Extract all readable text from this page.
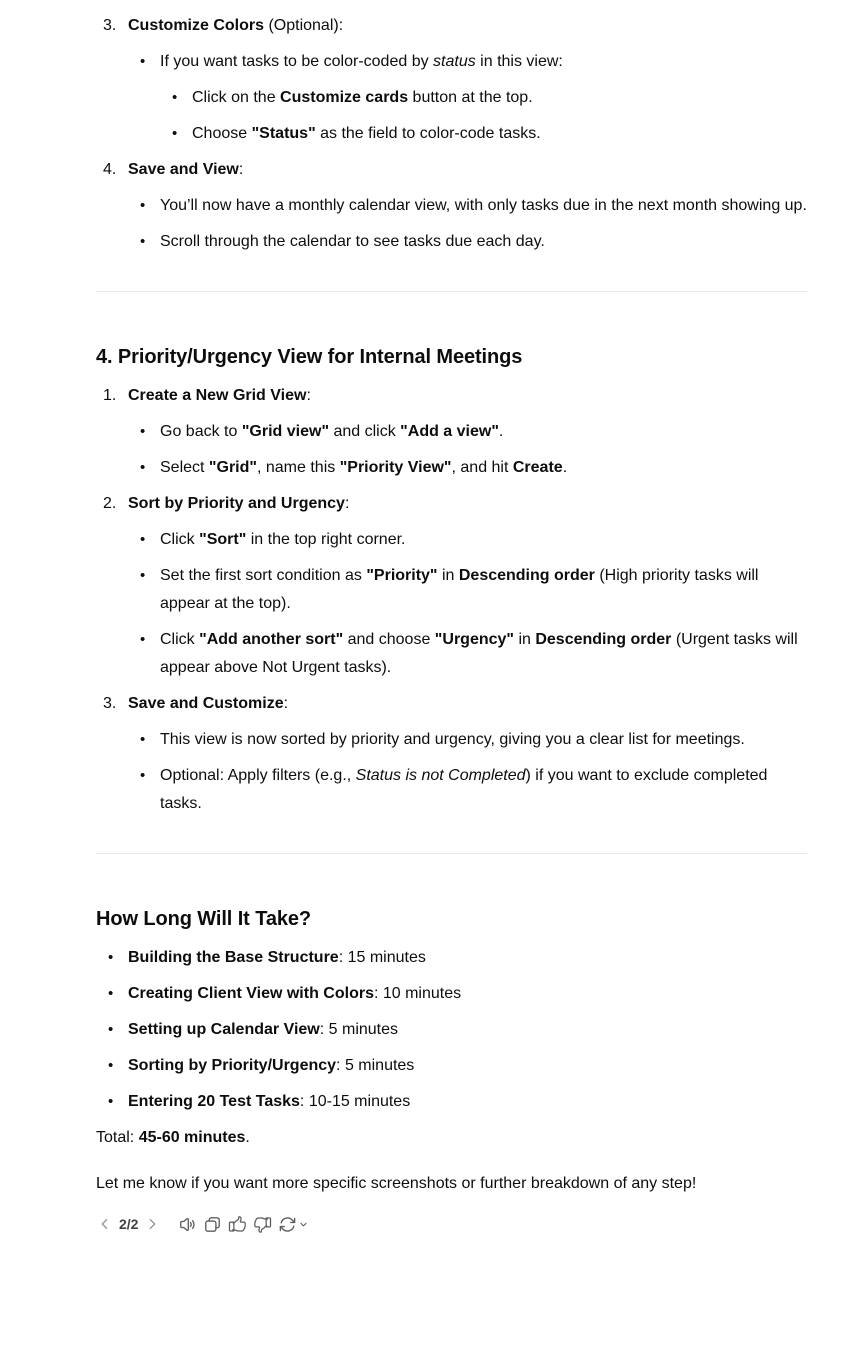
3. Customize Colors (Optional):
• If you want tasks to be color-coded by status in this view:
• Click on the Customize cards button at the top.
• Choose "Status" as the field to color-code tasks.
4. Save and View:
• You’ll now have a monthly calendar view, with only tasks due in the next month showing up.
• Scroll through the calendar to see tasks due each day.
4. Priority/Urgency View for Internal Meetings
1. Create a New Grid View:
• Go back to "Grid view" and click "Add a view".
• Select "Grid", name this "Priority View", and hit Create.
2. Sort by Priority and Urgency:
• Click "Sort" in the top right corner.
• Set the first sort condition as "Priority" in Descending order (High priority tasks will appear at the top).
• Click "Add another sort" and choose "Urgency" in Descending order (Urgent tasks will appear above Not Urgent tasks).
3. Save and Customize:
• This view is now sorted by priority and urgency, giving you a clear list for meetings.
• Optional: Apply filters (e.g., Status is not Completed) if you want to exclude completed tasks.
How Long Will It Take?
• Building the Base Structure: 15 minutes
• Creating Client View with Colors: 10 minutes
• Setting up Calendar View: 5 minutes
• Sorting by Priority/Urgency: 5 minutes
• Entering 20 Test Tasks: 10-15 minutes

Total: 45-60 minutes.

Let me know if you want more specific screenshots or further breakdown of any step!

2/2
